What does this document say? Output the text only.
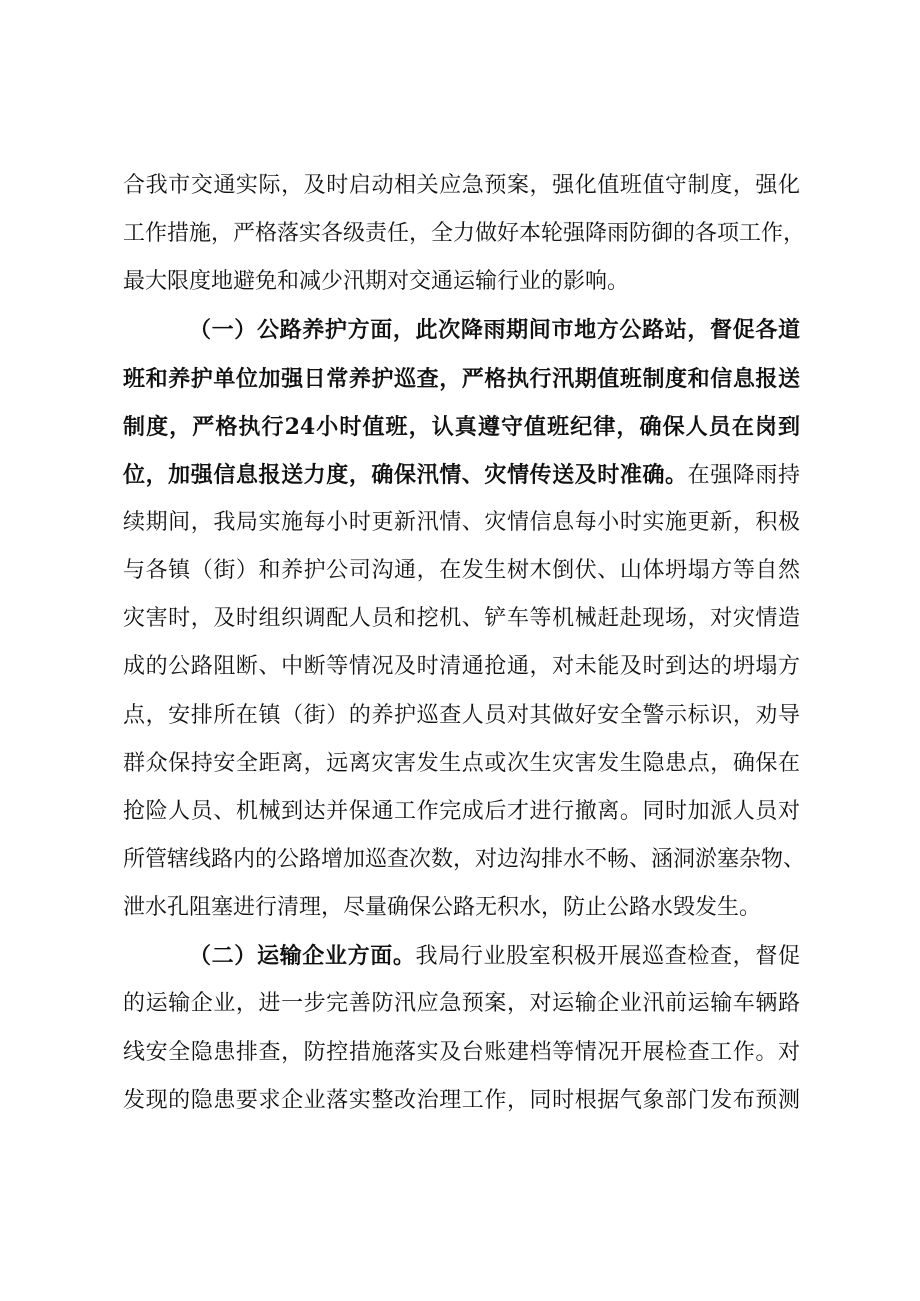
合我市交通实际，及时启动相关应急预案，强化值班值守制度，强化
工作措施，严格落实各级责任，全力做好本轮强降雨防御的各项工作，
最大限度地避免和减少汛期对交通运输行业的影响。
（一）公路养护方面，此次降雨期间市地方公路站，督促各道
班和养护单位加强日常养护巡查，严格执行汛期值班制度和信息报送
制度，严格执行24小时值班，认真遵守值班纪律，确保人员在岗到
位，加强信息报送力度，确保汛情、灾情传送及时准确。在强降雨持
续期间，我局实施每小时更新汛情、灾情信息每小时实施更新，积极
与各镇（街）和养护公司沟通，在发生树木倒伏、山体坍塌方等自然
灾害时，及时组织调配人员和挖机、铲车等机械赶赴现场，对灾情造
成的公路阻断、中断等情况及时清通抢通，对未能及时到达的坍塌方
点，安排所在镇（街）的养护巡查人员对其做好安全警示标识，劝导
群众保持安全距离，远离灾害发生点或次生灾害发生隐患点，确保在
抢险人员、机械到达并保通工作完成后才进行撤离。同时加派人员对
所管辖线路内的公路增加巡查次数，对边沟排水不畅、涵洞淤塞杂物、
泄水孔阻塞进行清理，尽量确保公路无积水，防止公路水毁发生。
（二）运输企业方面。我局行业股室积极开展巡查检查，督促
的运输企业，进一步完善防汛应急预案，对运输企业汛前运输车辆路
线安全隐患排查，防控措施落实及台账建档等情况开展检查工作。对
发现的隐患要求企业落实整改治理工作，同时根据气象部门发布预测
